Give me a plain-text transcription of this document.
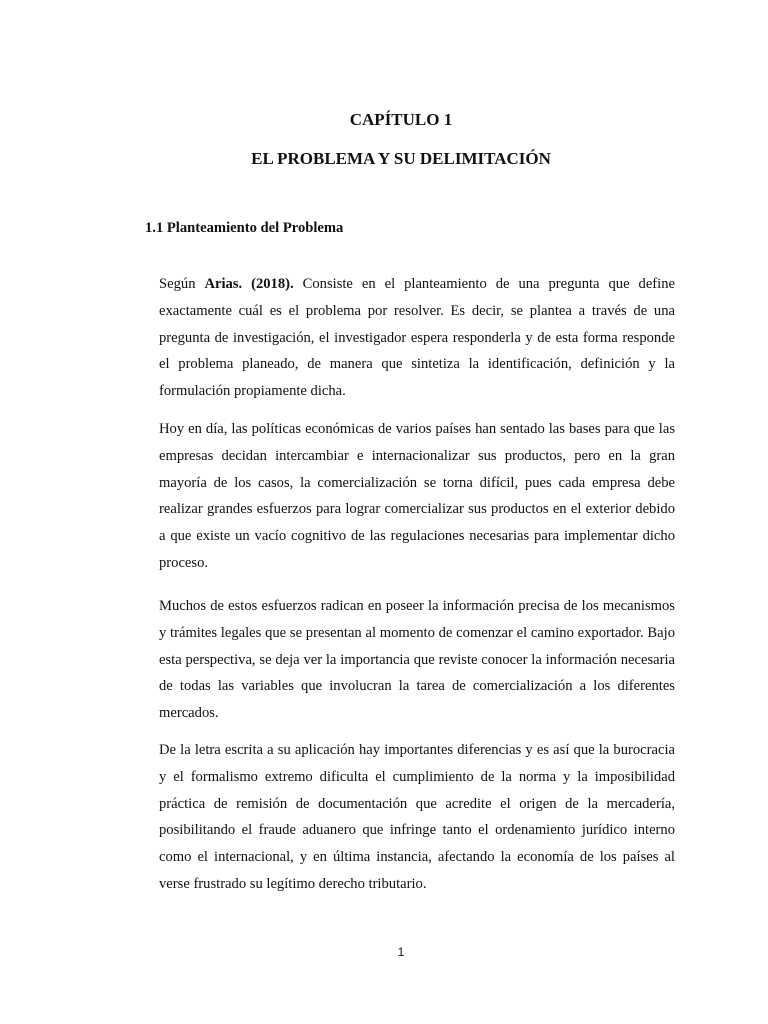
CAPÍTULO 1
EL PROBLEMA Y SU DELIMITACIÓN
1.1 Planteamiento del Problema

Según Arias. (2018). Consiste en el planteamiento de una pregunta que define exactamente cuál es el problema por resolver. Es decir, se plantea a través de una pregunta de investigación, el investigador espera responderla y de esta forma responde el problema planeado, de manera que sintetiza la identificación, definición y la formulación propiamente dicha.

Hoy en día, las políticas económicas de varios países han sentado las bases para que las empresas decidan intercambiar e internacionalizar sus productos, pero en la gran mayoría de los casos, la comercialización se torna difícil, pues cada empresa debe realizar grandes esfuerzos para lograr comercializar sus productos en el exterior debido a que existe un vacío cognitivo de las regulaciones necesarias para implementar dicho proceso.

Muchos de estos esfuerzos radican en poseer la información precisa de los mecanismos y trámites legales que se presentan al momento de comenzar el camino exportador. Bajo esta perspectiva, se deja ver la importancia que reviste conocer la información necesaria de todas las variables que involucran la tarea de comercialización a los diferentes mercados.

De la letra escrita a su aplicación hay importantes diferencias y es así que la burocracia y el formalismo extremo dificulta el cumplimiento de la norma y la imposibilidad práctica de remisión de documentación que acredite el origen de la mercadería, posibilitando el fraude aduanero que infringe tanto el ordenamiento jurídico interno como el internacional, y en última instancia, afectando la economía de los países al verse frustrado su legítimo derecho tributario.

1
